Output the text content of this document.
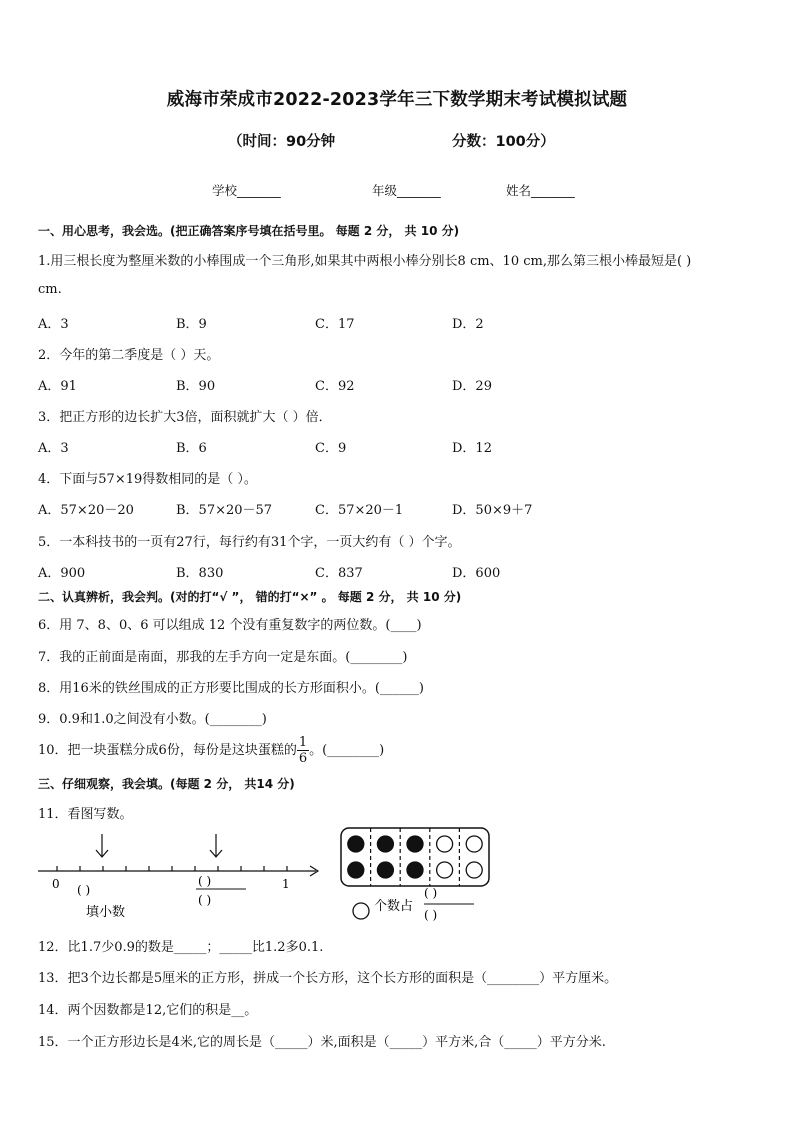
威海市荣成市2022-2023学年三下数学期末考试模拟试题
（时间：90分钟	分数：100分）
学校_______	年级_______	姓名_______
一、用心思考，我会选。(把正确答案序号填在括号里。 每题 2 分， 共 10 分)
1.用三根长度为整厘米数的小棒围成一个三角形,如果其中两根小棒分别长8 cm、10 cm,那么第三根小棒最短是( )
cm.
A．3	B．9	C．17	D．2
2．今年的第二季度是（ ）天。
A．91	B．90	C．92	D．29
3．把正方形的边长扩大3倍，面积就扩大（ ）倍．
A．3	B．6	C．9	D．12
4．下面与57×19得数相同的是（ ）。
A．57×20－20	B．57×20－57	C．57×20－1	D．50×9＋7
5．一本科技书的一页有27行，每行约有31个字，一页大约有（ ）个字。
A．900	B．830	C．837	D．600
二、认真辨析，我会判。(对的打“√ ”， 错的打“×” 。 每题 2 分， 共 10 分)
6．用 7、8、0、6 可以组成 12 个没有重复数字的两位数。(____)
7．我的正前面是南面，那我的左手方向一定是东面。(________)
8．用16米的铁丝围成的正方形要比围成的长方形面积小。(______)
9．0.9和1.0之间没有小数。(________)
10．把一块蛋糕分成6份，每份是这块蛋糕的 $\frac{1}{6}$ 。(________)
三、仔细观察，我会填。(每题 2 分， 共14 分)
11．看图写数。
0	1
( )
( )
( )
填小数	个数占
( )
( )
12．比1.7少0.9的数是_____；_____比1.2多0.1.
13．把3个边长都是5厘米的正方形，拼成一个长方形，这个长方形的面积是（________）平方厘米。
14．两个因数都是12,它们的积是__。
15．一个正方形边长是4米,它的周长是（_____）米,面积是（_____）平方米,合（_____）平方分米.
